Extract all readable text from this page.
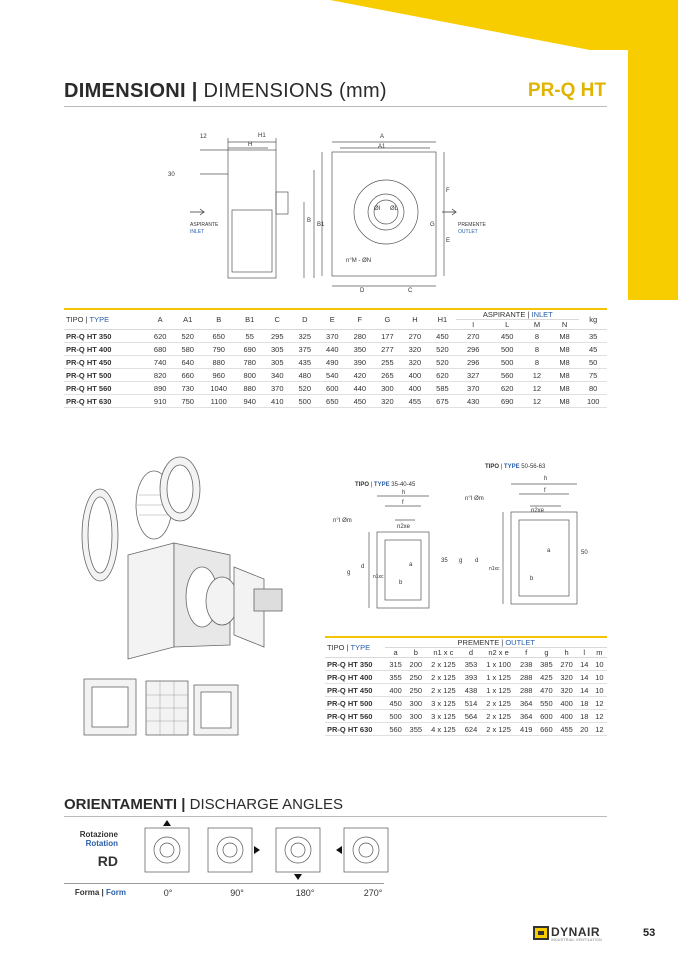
DIMENSIONI | DIMENSIONS (mm)	PR-Q HT
12	H1
H
30
B
B1
A
A1
F
G
E
D	C
ØI ØL
n°M - ØN
ASPIRANTE
INLET
PREMENTE
OUTLET
TIPO | TYPE	A	A1	B	B1	C	D	E	F	G	H	H1	ASPIRANTE | INLET				kg
												I	L	M	N	
PR-Q HT 350	620	520	650	55	295	325	370	280	177	270	450	270	450	8	M8	35
PR-Q HT 400	680	580	790	690	305	375	440	350	277	320	520	296	500	8	M8	45
PR-Q HT 450	740	640	880	780	305	435	490	390	255	320	520	296	500	8	M8	50
PR-Q HT 500	820	660	960	800	340	480	540	420	265	400	620	327	560	12	M8	75
PR-Q HT 560	890	730	1040	880	370	520	600	440	300	400	585	370	620	12	M8	80
PR-Q HT 630	910	750	1100	940	410	500	650	450	320	455	675	430	690	12	M8	100
TIPO | TYPE 35-40-45
TIPO | TYPE 50-56-63
h
f
n°I Øm
n2xe
35
g
d
n1xc
a
b
h
f
n°I Øm
n2xe
50
g d
n1xc
a
b
TIPO | TYPE	PREMENTE | OUTLET									
	a	b	n1 x c	d	n2 x e	f	g	h	l	m
PR-Q HT 350	315	200	2 x 125	353	1 x 100	238	385	270	14	10
PR-Q HT 400	355	250	2 x 125	393	1 x 125	288	425	320	14	10
PR-Q HT 450	400	250	2 x 125	438	1 x 125	288	470	320	14	10
PR-Q HT 500	450	300	3 x 125	514	2 x 125	364	550	400	18	12
PR-Q HT 560	500	300	3 x 125	564	2 x 125	364	600	400	18	12
PR-Q HT 630	560	355	4 x 125	624	2 x 125	419	660	455	20	12
ORIENTAMENTI | DISCHARGE ANGLES
Rotazione
Rotation
RD
Forma | Form	0°	90°	180°	270°
DYNAIR
INDUSTRIAL VENTILATION
53
